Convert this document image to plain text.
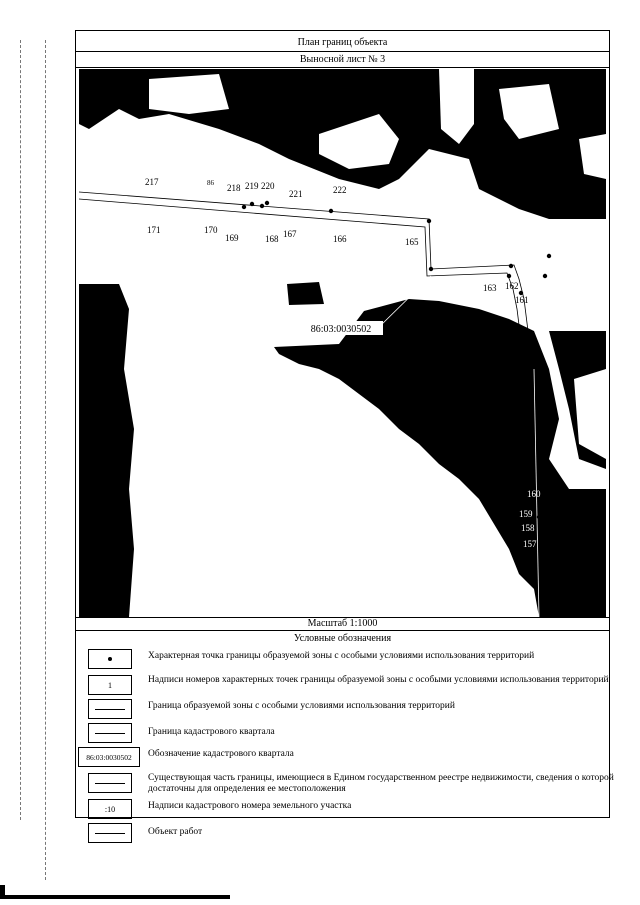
План границ объекта
Выносной лист № 3
217
218 219 220
221	222
171	170
169	168 167	166	165	224	225 226
227
164	163 162
161
160
159
158
157
228
86
86:03:0030502
Масштаб 1:1000
Условные обозначения
Характерная точка границы образуемой зоны с особыми условиями использования территорий
1	Надписи номеров характерных точек границы образуемой зоны с особыми условиями использования территорий
Граница образуемой зоны с особыми условиями использования территорий
Граница кадастрового квартала
86:03:0030502	Обозначение кадастрового квартала
Существующая часть границы, имеющиеся в Едином государственном реестре недвижимости, сведения о которой достаточны для определения ее местоположения
:10	Надписи кадастрового номера земельного участка
Объект работ
